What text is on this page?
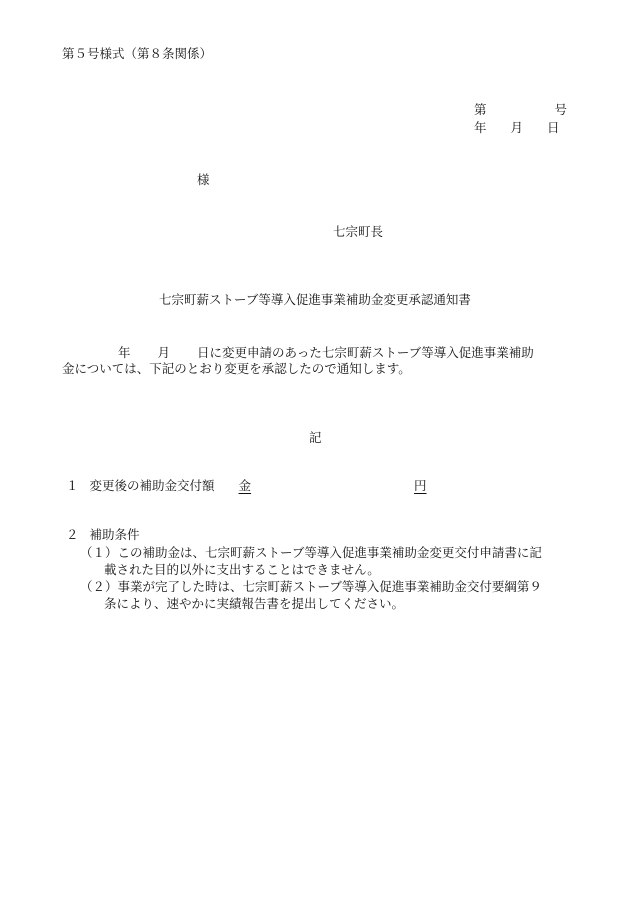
第５号様式（第８条関係）
第	号
年 月 日
様
七宗町長
七宗町薪ストーブ等導入促進事業補助金変更承認通知書
年 月 日に変更申請のあった七宗町薪ストーブ等導入促進事業補助
金については、下記のとおり変更を承認したので通知します。
記
１ 変更後の補助金交付額 金	円
２ 補助条件
（１）この補助金は、七宗町薪ストーブ等導入促進事業補助金変更交付申請書に記
載された目的以外に支出することはできません。
（２）事業が完了した時は、七宗町薪ストーブ等導入促進事業補助金交付要綱第９
条により、速やかに実績報告書を提出してください。
